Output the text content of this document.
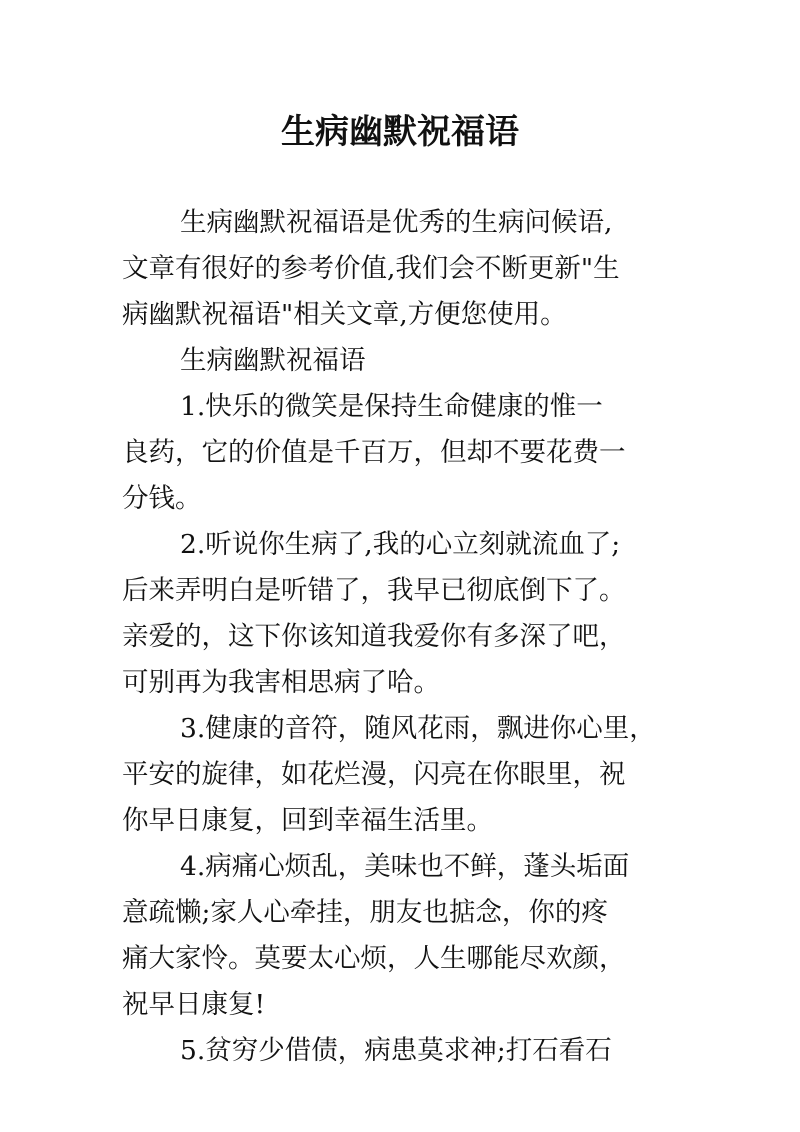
生病幽默祝福语

生病幽默祝福语是优秀的生病问候语,

文章有很好的参考价值,我们会不断更新"生

病幽默祝福语"相关文章,方便您使用。

生病幽默祝福语

1.快乐的微笑是保持生命健康的惟一

良药，它的价值是千百万，但却不要花费一

分钱。

2.听说你生病了,我的心立刻就流血了;

后来弄明白是听错了，我早已彻底倒下了。

亲爱的，这下你该知道我爱你有多深了吧，

可别再为我害相思病了哈。

3.健康的音符，随风花雨，飘进你心里，

平安的旋律，如花烂漫，闪亮在你眼里，祝

你早日康复，回到幸福生活里。

4.病痛心烦乱，美味也不鲜，蓬头垢面

意疏懒;家人心牵挂，朋友也掂念，你的疼

痛大家怜。莫要太心烦，人生哪能尽欢颜，

祝早日康复!

5.贫穷少借债，病患莫求神;打石看石
